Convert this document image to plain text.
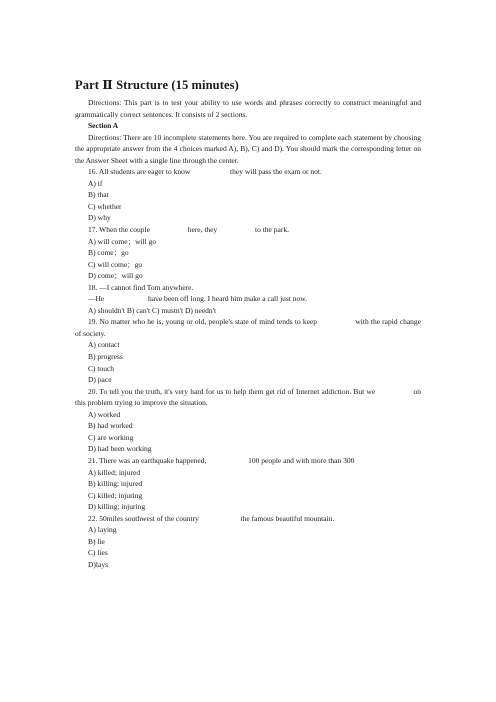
Part Ⅱ Structure (15 minutes)

Directions: This part is to test your ability to use words and phrases correctly to construct meaningful and grammatically correct sentences. It consists of 2 sections.

Section A

Directions: There are 10 incomplete statements here. You are required to complete each statement by choosing the appropriate answer from the 4 choices marked A), B), C) and D). You should mark the corresponding letter on the Answer Sheet with a single line through the center.

16. All students are eager to know	they will pass the exam or not.

A) if

B) that

C) whether

D) why

17. When the couple	here, they	to the park.

A) will come；will go

B) come；go

C) will come；go

D) come；will go

18. —I cannot find Tom anywhere.

—He	have been off long. I heard him make a call just now.

A) shouldn't B) can't C) mustn't D) needn't

19. No matter who he is, young or old, people's state of mind tends to keep	with the rapid change of society.

A) contact

B) progress

C) touch

D) pace

20. To tell you the truth, it's very hard for us to help them get rid of Internet addiction. But we	on this problem trying to improve the situation.

A) worked

B) had worked

C) are working

D) had been working

21. There was an earthquake happened,	100 people and with more than 300

A) killed; injured

B) killing; injured

C) killed; injuring

D) killing; injuring

22. 50miles southwest of the country	the famous beautiful mountain.

A) laying

B) lie

C) lies

D)lays
